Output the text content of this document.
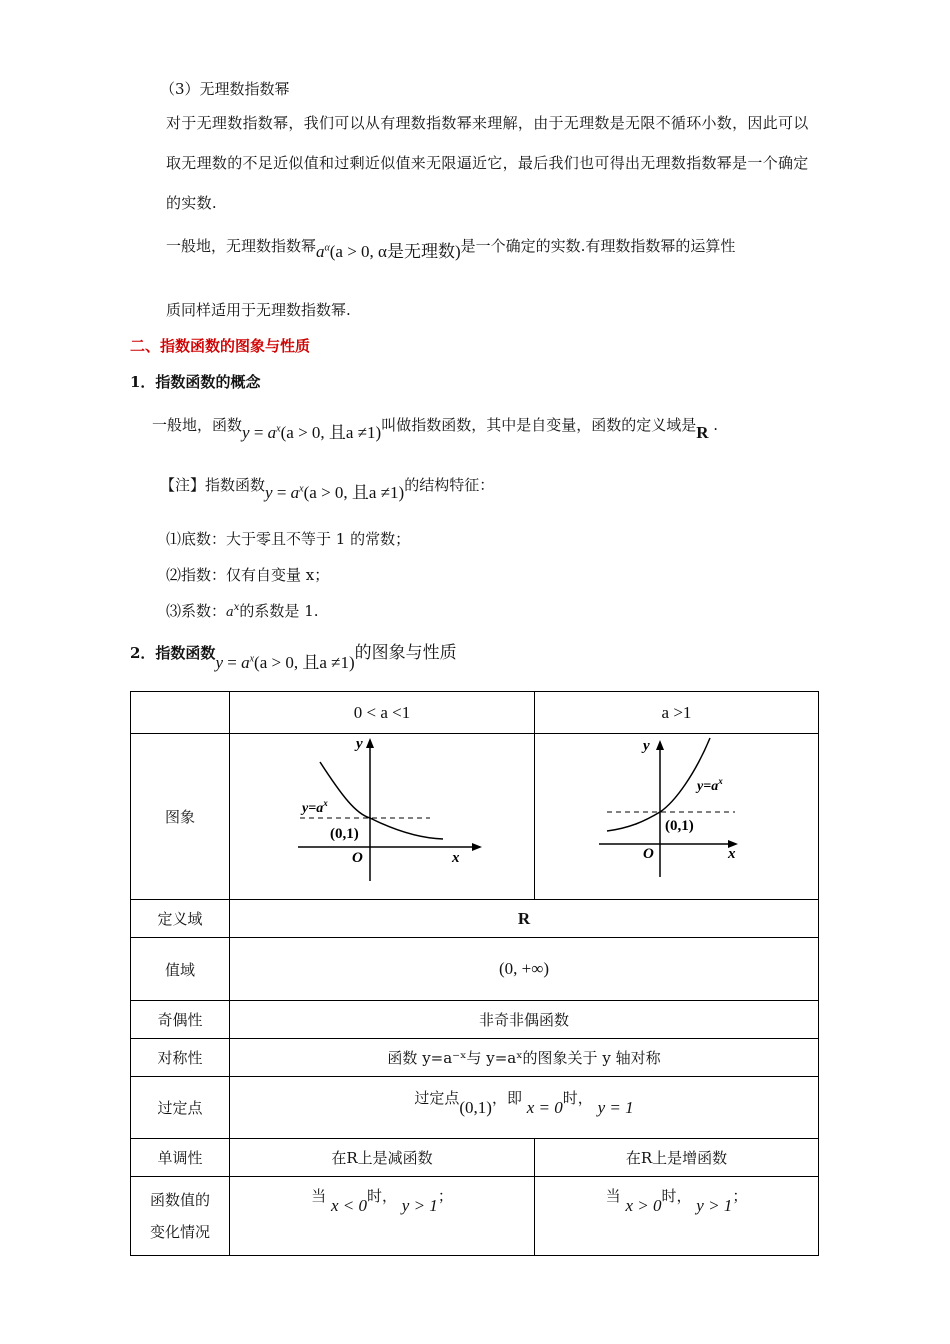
（3）无理数指数幂
对于无理数指数幂，我们可以从有理数指数幂来理解，由于无理数是无限不循环小数，因此可以取无理数的不足近似值和过剩近似值来无限逼近它，最后我们也可得出无理数指数幂是一个确定的实数.
一般地，无理数指数幂$a^\alpha(a > 0$, α是无理数)是一个确定的实数.有理数指数幂的运算性
质同样适用于无理数指数幂.
二、指数函数的图象与性质
1．指数函数的概念
一般地，函数$y = a^x(a > 0$, 且a ≠1)叫做指数函数，其中是自变量，函数的定义域是R .
【注】指数函数$y = a^x(a > 0$, 且a ≠1)的结构特征：
⑴底数：大于零且不等于 1 的常数；
⑵指数：仅有自变量 x；
⑶系数：$a^x$的系数是 1.
2．指数函数$y = a^x(a > 0$, 且a ≠1)的图象与性质
	0 < a <1	a >1
图象	y
x
O
(0,1)
$y=a^x$	y
x
O
(0,1)
$y=a^x$

定义域	R	
值域	(0, +∞)	
奇偶性	非奇非偶函数	
对称性	函数 y=a⁻ˣ与 y=aˣ的图象关于 y 轴对称	
过定点	过定点(0,1)，即 x = 0时， y = 1	
单调性	在R上是减函数	在R上是增函数

函数值的
变化情况	当 x < 0时， y > 1；	当 x > 0时， y > 1；
